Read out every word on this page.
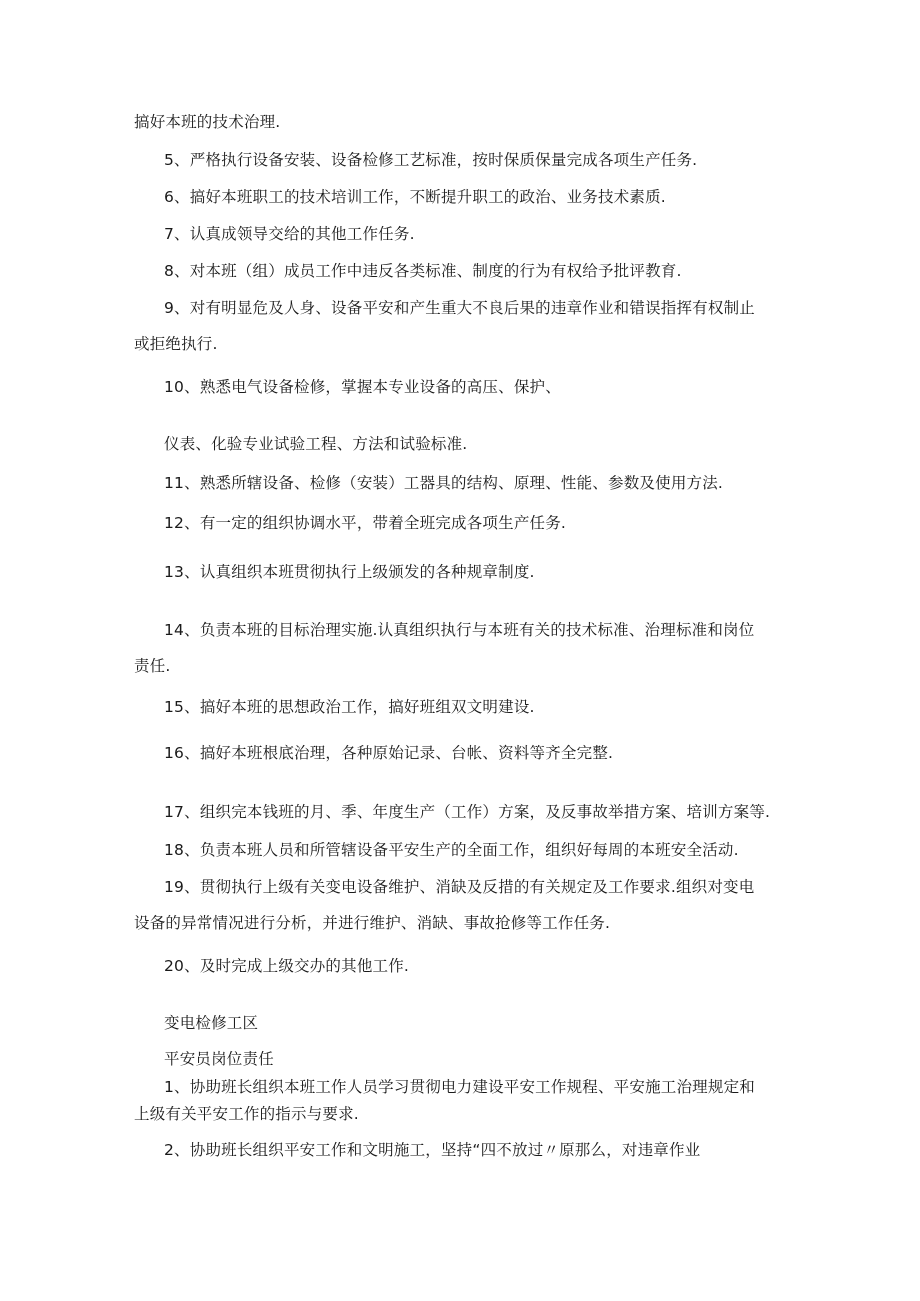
搞好本班的技术治理.
5、严格执行设备安装、设备检修工艺标准，按时保质保量完成各项生产任务.
6、搞好本班职工的技术培训工作，不断提升职工的政治、业务技术素质.
7、认真成领导交给的其他工作任务.
8、对本班（组）成员工作中违反各类标准、制度的行为有权给予批评教育.
9、对有明显危及人身、设备平安和产生重大不良后果的违章作业和错误指挥有权制止
或拒绝执行.
10、熟悉电气设备检修，掌握本专业设备的高压、保护、
仪表、化验专业试验工程、方法和试验标准.
11、熟悉所辖设备、检修（安装）工器具的结构、原理、性能、参数及使用方法.
12、有一定的组织协调水平，带着全班完成各项生产任务.
13、认真组织本班贯彻执行上级颁发的各种规章制度.
14、负责本班的目标治理实施.认真组织执行与本班有关的技术标准、治理标准和岗位
责任.
15、搞好本班的思想政治工作，搞好班组双文明建设.
16、搞好本班根底治理，各种原始记录、台帐、资料等齐全完整.
17、组织完本钱班的月、季、年度生产（工作）方案，及反事故举措方案、培训方案等.
18、负责本班人员和所管辖设备平安生产的全面工作，组织好每周的本班安全活动.
19、贯彻执行上级有关变电设备维护、消缺及反措的有关规定及工作要求.组织对变电
设备的异常情况进行分析，并进行维护、消缺、事故抢修等工作任务.
20、及时完成上级交办的其他工作.
变电检修工区
平安员岗位责任
1、协助班长组织本班工作人员学习贯彻电力建设平安工作规程、平安施工治理规定和
上级有关平安工作的指示与要求.
2、协助班长组织平安工作和文明施工，坚持“四不放过〃原那么，对违章作业
